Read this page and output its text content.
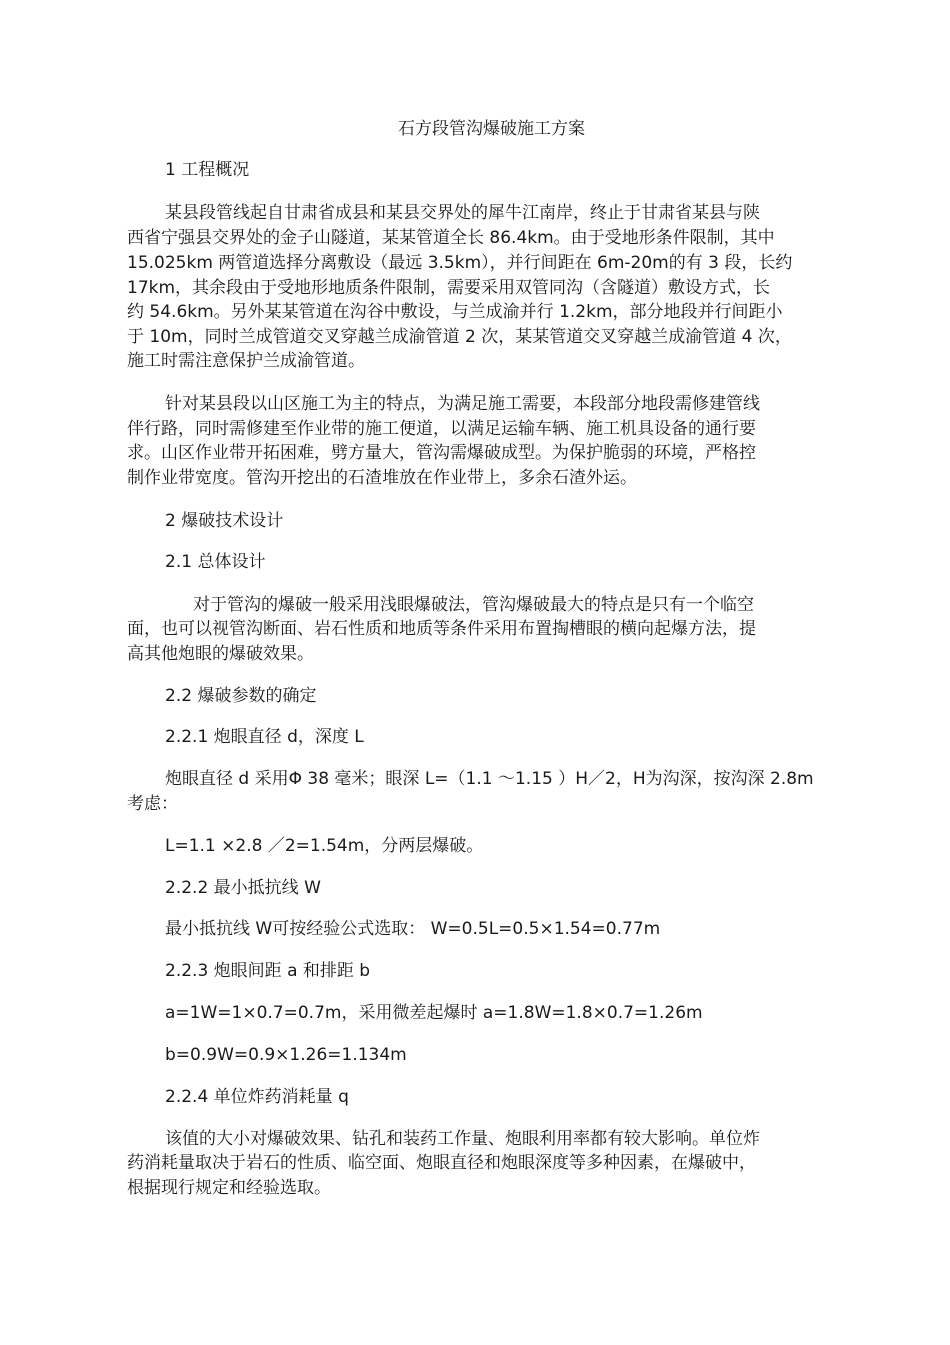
石方段管沟爆破施工方案
1 工程概况
某县段管线起自甘肃省成县和某县交界处的犀牛江南岸，终止于甘肃省某县与陕
西省宁强县交界处的金子山隧道，某某管道全长 86.4km。由于受地形条件限制，其中
15.025km 两管道选择分离敷设（最远 3.5km），并行间距在 6m-20m的有 3 段，长约
17km，其余段由于受地形地质条件限制，需要采用双管同沟（含隧道）敷设方式，长
约 54.6km。另外某某管道在沟谷中敷设，与兰成渝并行 1.2km，部分地段并行间距小
于 10m，同时兰成管道交叉穿越兰成渝管道 2 次，某某管道交叉穿越兰成渝管道 4 次，
施工时需注意保护兰成渝管道。
针对某县段以山区施工为主的特点，为满足施工需要，本段部分地段需修建管线
伴行路，同时需修建至作业带的施工便道，以满足运输车辆、施工机具设备的通行要
求。山区作业带开拓困难，劈方量大，管沟需爆破成型。为保护脆弱的环境，严格控
制作业带宽度。管沟开挖出的石渣堆放在作业带上，多余石渣外运。
2 爆破技术设计
2.1 总体设计
对于管沟的爆破一般采用浅眼爆破法，管沟爆破最大的特点是只有一个临空
面，也可以视管沟断面、岩石性质和地质等条件采用布置掏槽眼的横向起爆方法，提
高其他炮眼的爆破效果。
2.2 爆破参数的确定
2.2.1 炮眼直径 d，深度 L
炮眼直径 d 采用Φ 38 毫米；眼深 L=（1.1 ～1.15 ）H／2，H为沟深，按沟深 2.8m
考虑：
L=1.1 ×2.8 ／2=1.54m，分两层爆破。
2.2.2 最小抵抗线 W
最小抵抗线 W可按经验公式选取： W=0.5L=0.5×1.54=0.77m
2.2.3 炮眼间距 a 和排距 b
a=1W=1×0.7=0.7m，采用微差起爆时 a=1.8W=1.8×0.7=1.26m
b=0.9W=0.9×1.26=1.134m
2.2.4 单位炸药消耗量 q
该值的大小对爆破效果、钻孔和装药工作量、炮眼利用率都有较大影响。单位炸
药消耗量取决于岩石的性质、临空面、炮眼直径和炮眼深度等多种因素，在爆破中，
根据现行规定和经验选取。
